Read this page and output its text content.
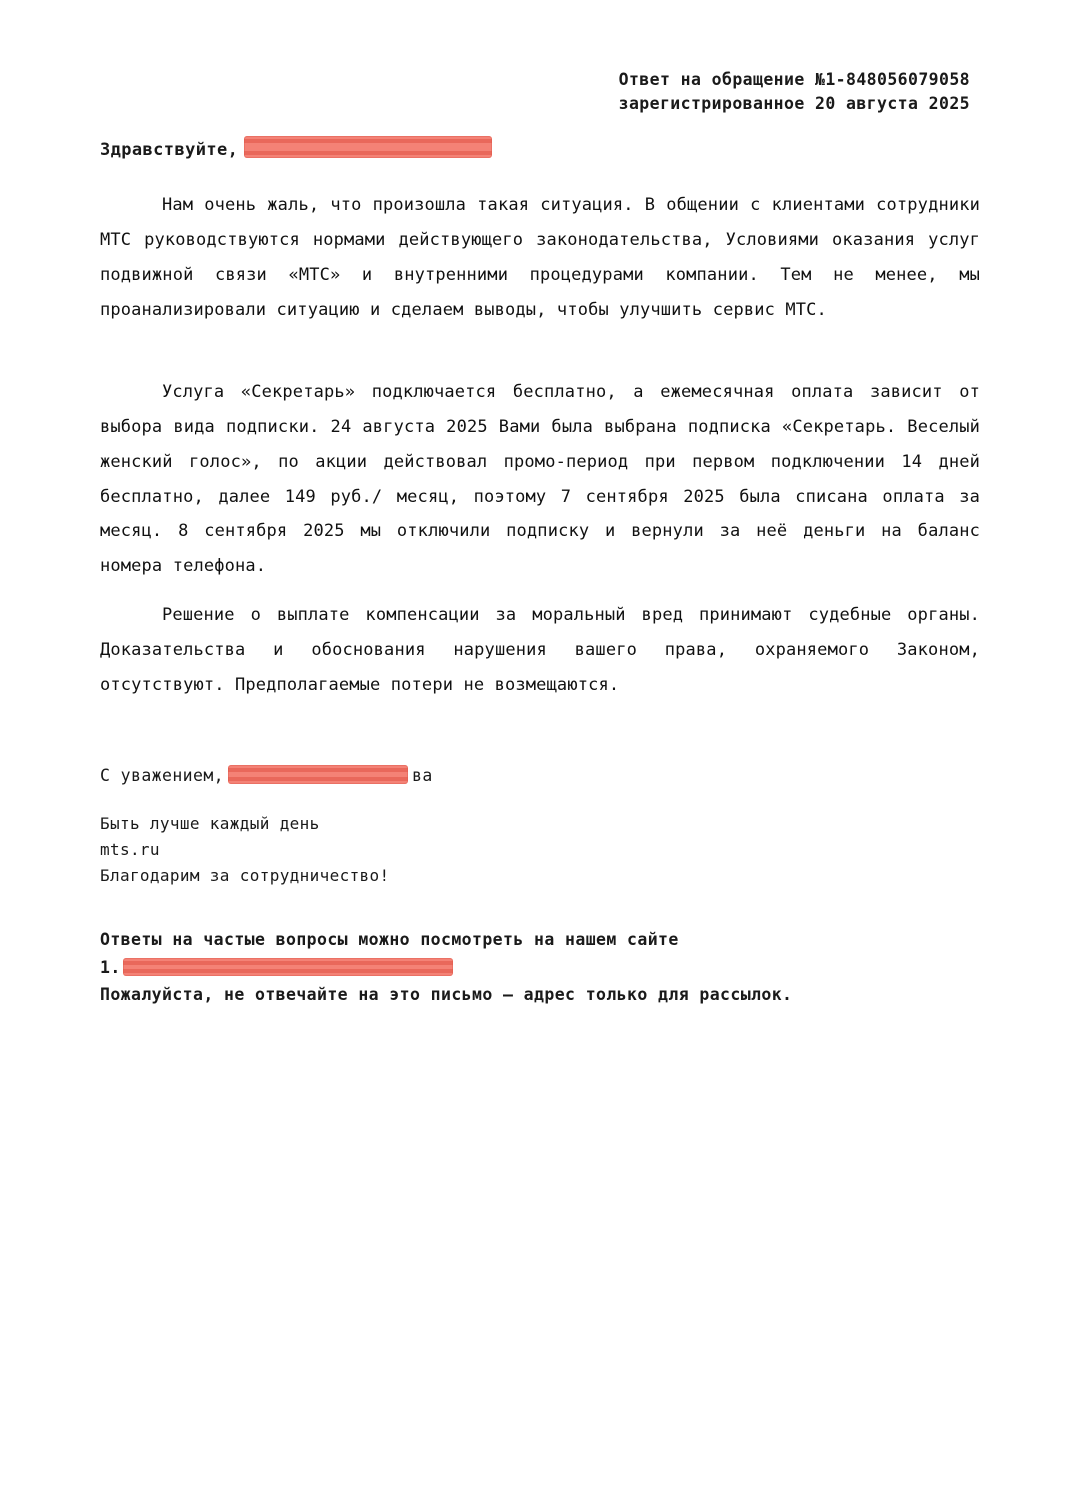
Ответ на обращение №1-848056079058
зарегистрированное 20 августа 2025
Здравствуйте,

Нам очень жаль, что произошла такая ситуация. В общении с клиентами сотрудники МТС руководствуются нормами действующего законодательства, Условиями оказания услуг подвижной связи «МТС» и внутренними процедурами компании. Тем не менее, мы проанализировали ситуацию и сделаем выводы, чтобы улучшить сервис МТС.

Услуга «Секретарь» подключается бесплатно, а ежемесячная оплата зависит от выбора вида подписки. 24 августа 2025 Вами была выбрана подписка «Секретарь. Веселый женский голос», по акции действовал промо-период при первом подключении 14 дней бесплатно, далее 149 руб./ месяц, поэтому 7 сентября 2025 была списана оплата за месяц. 8 сентября 2025 мы отключили подписку и вернули за неё деньги на баланс номера телефона.

Решение о выплате компенсации за моральный вред принимают судебные органы. Доказательства и обоснования нарушения вашего права, охраняемого Законом, отсутствуют. Предполагаемые потери не возмещаются.

С уважением,	ва
Быть лучше каждый день
mts.ru
Благодарим за сотрудничество!
Ответы на частые вопросы можно посмотреть на нашем сайте
1.
Пожалуйста, не отвечайте на это письмо – адрес только для рассылок.
